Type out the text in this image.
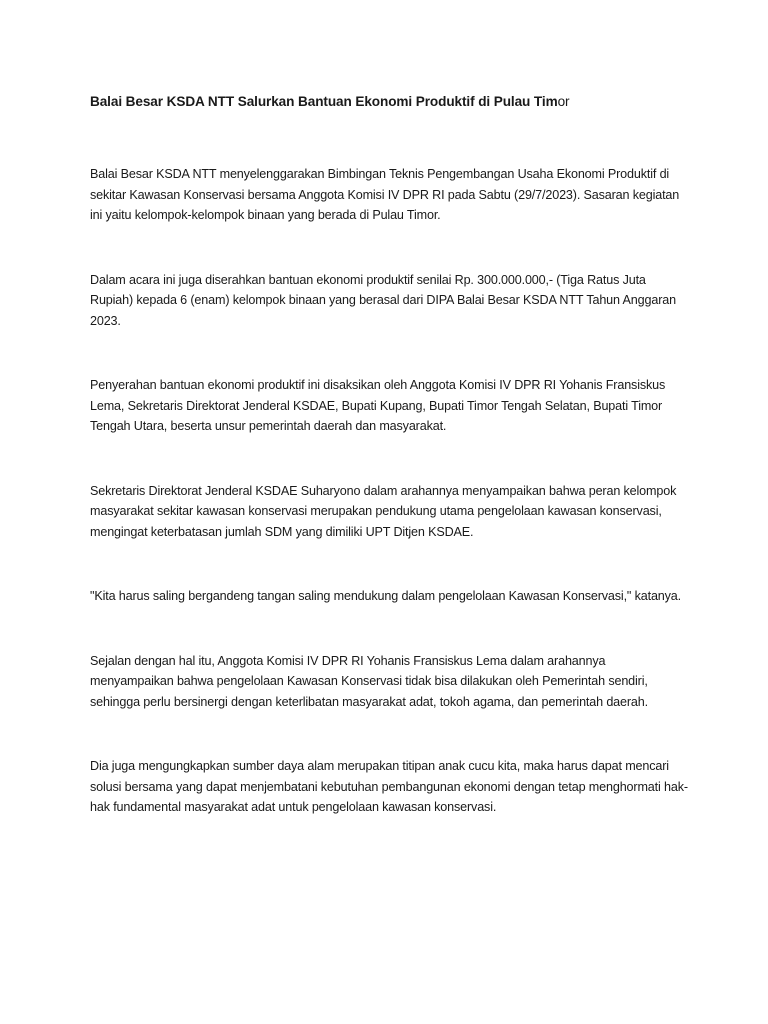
Balai Besar KSDA NTT Salurkan Bantuan Ekonomi Produktif di Pulau Timor

Balai Besar KSDA NTT menyelenggarakan Bimbingan Teknis Pengembangan Usaha Ekonomi Produktif di sekitar Kawasan Konservasi bersama Anggota Komisi IV DPR RI pada Sabtu (29/7/2023). Sasaran kegiatan ini yaitu kelompok-kelompok binaan yang berada di Pulau Timor.

Dalam acara ini juga diserahkan bantuan ekonomi produktif senilai Rp. 300.000.000,- (Tiga Ratus Juta Rupiah) kepada 6 (enam) kelompok binaan yang berasal dari DIPA Balai Besar KSDA NTT Tahun Anggaran 2023.

Penyerahan bantuan ekonomi produktif ini disaksikan oleh Anggota Komisi IV DPR RI Yohanis Fransiskus Lema, Sekretaris Direktorat Jenderal KSDAE, Bupati Kupang, Bupati Timor Tengah Selatan, Bupati Timor Tengah Utara, beserta unsur pemerintah daerah dan masyarakat.

Sekretaris Direktorat Jenderal KSDAE Suharyono dalam arahannya menyampaikan bahwa peran kelompok masyarakat sekitar kawasan konservasi merupakan pendukung utama pengelolaan kawasan konservasi, mengingat keterbatasan jumlah SDM yang dimiliki UPT Ditjen KSDAE.

"Kita harus saling bergandeng tangan saling mendukung dalam pengelolaan Kawasan Konservasi," katanya.

Sejalan dengan hal itu, Anggota Komisi IV DPR RI Yohanis Fransiskus Lema dalam arahannya menyampaikan bahwa pengelolaan Kawasan Konservasi tidak bisa dilakukan oleh Pemerintah sendiri, sehingga perlu bersinergi dengan keterlibatan masyarakat adat, tokoh agama, dan pemerintah daerah.

Dia juga mengungkapkan sumber daya alam merupakan titipan anak cucu kita, maka harus dapat mencari solusi bersama yang dapat menjembatani kebutuhan pembangunan ekonomi dengan tetap menghormati hak-hak fundamental masyarakat adat untuk pengelolaan kawasan konservasi.
